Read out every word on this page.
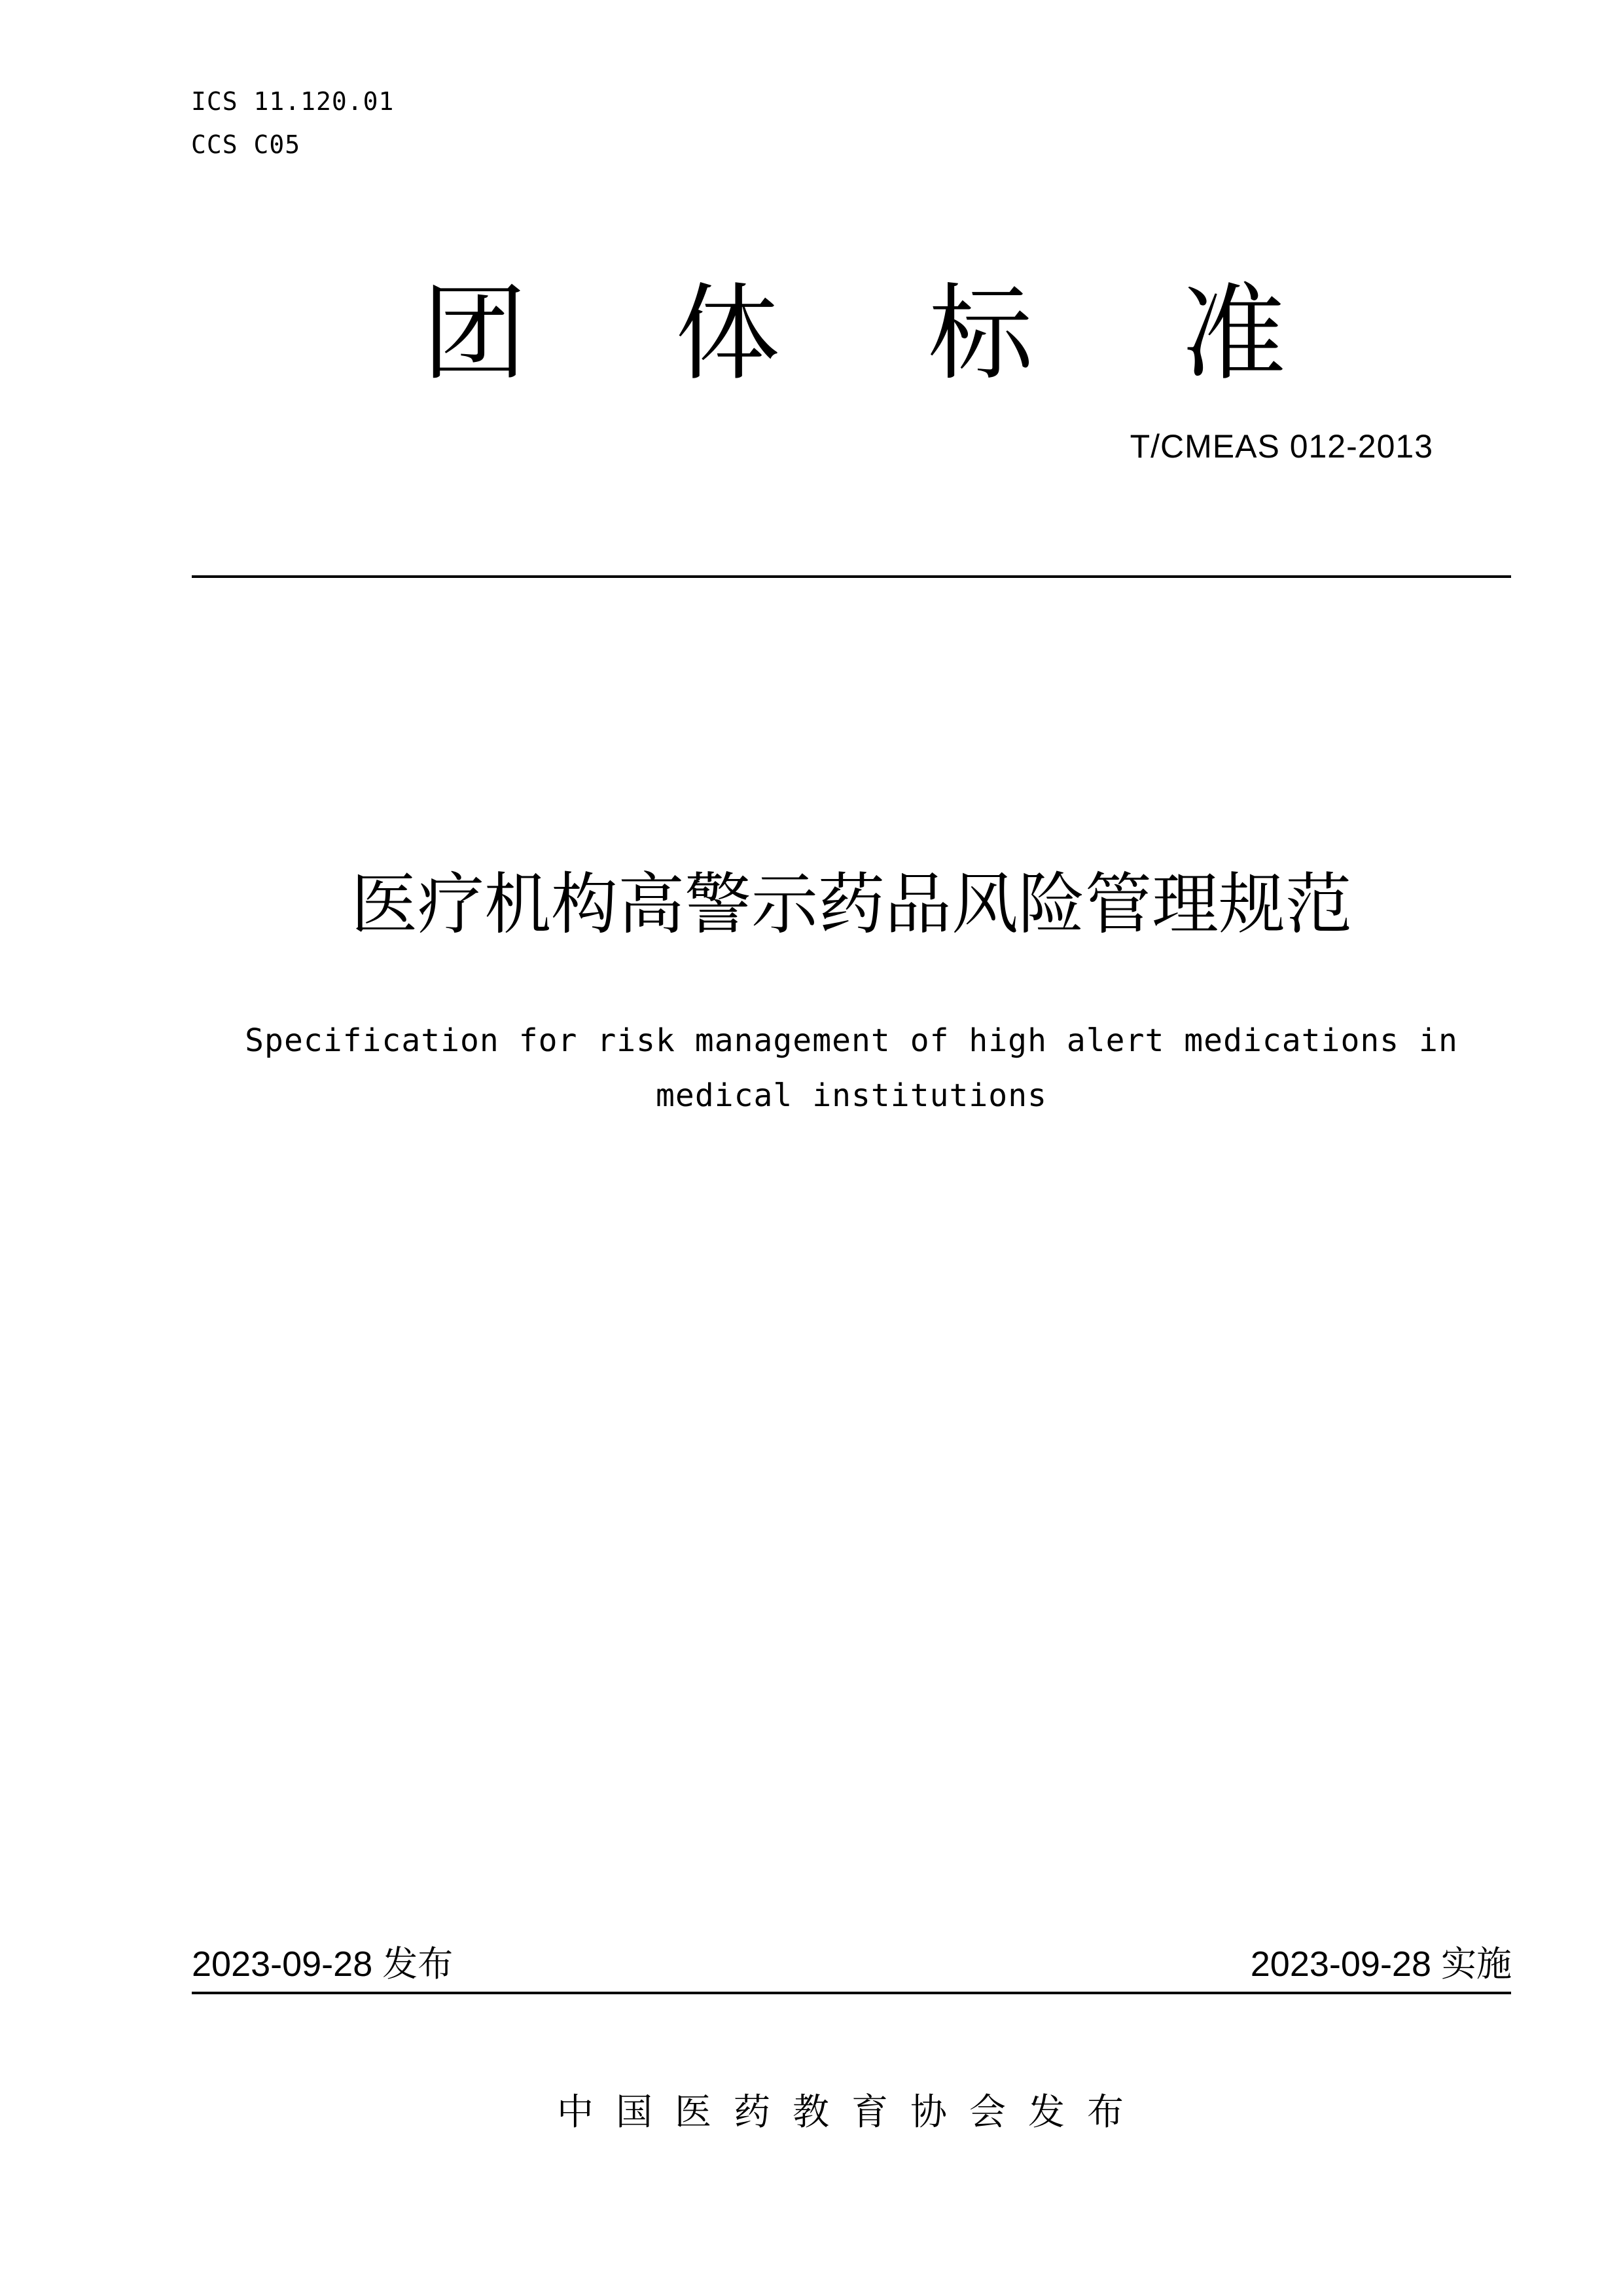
ICS 11.120.01
CCS C05
团 体 标 准
T/CMEAS 012-2013
医疗机构高警示药品风险管理规范
Specification for risk management of high alert medications in medical institutions
2023-09-28 发布	2023-09-28 实施
中国医药教育协会发布
